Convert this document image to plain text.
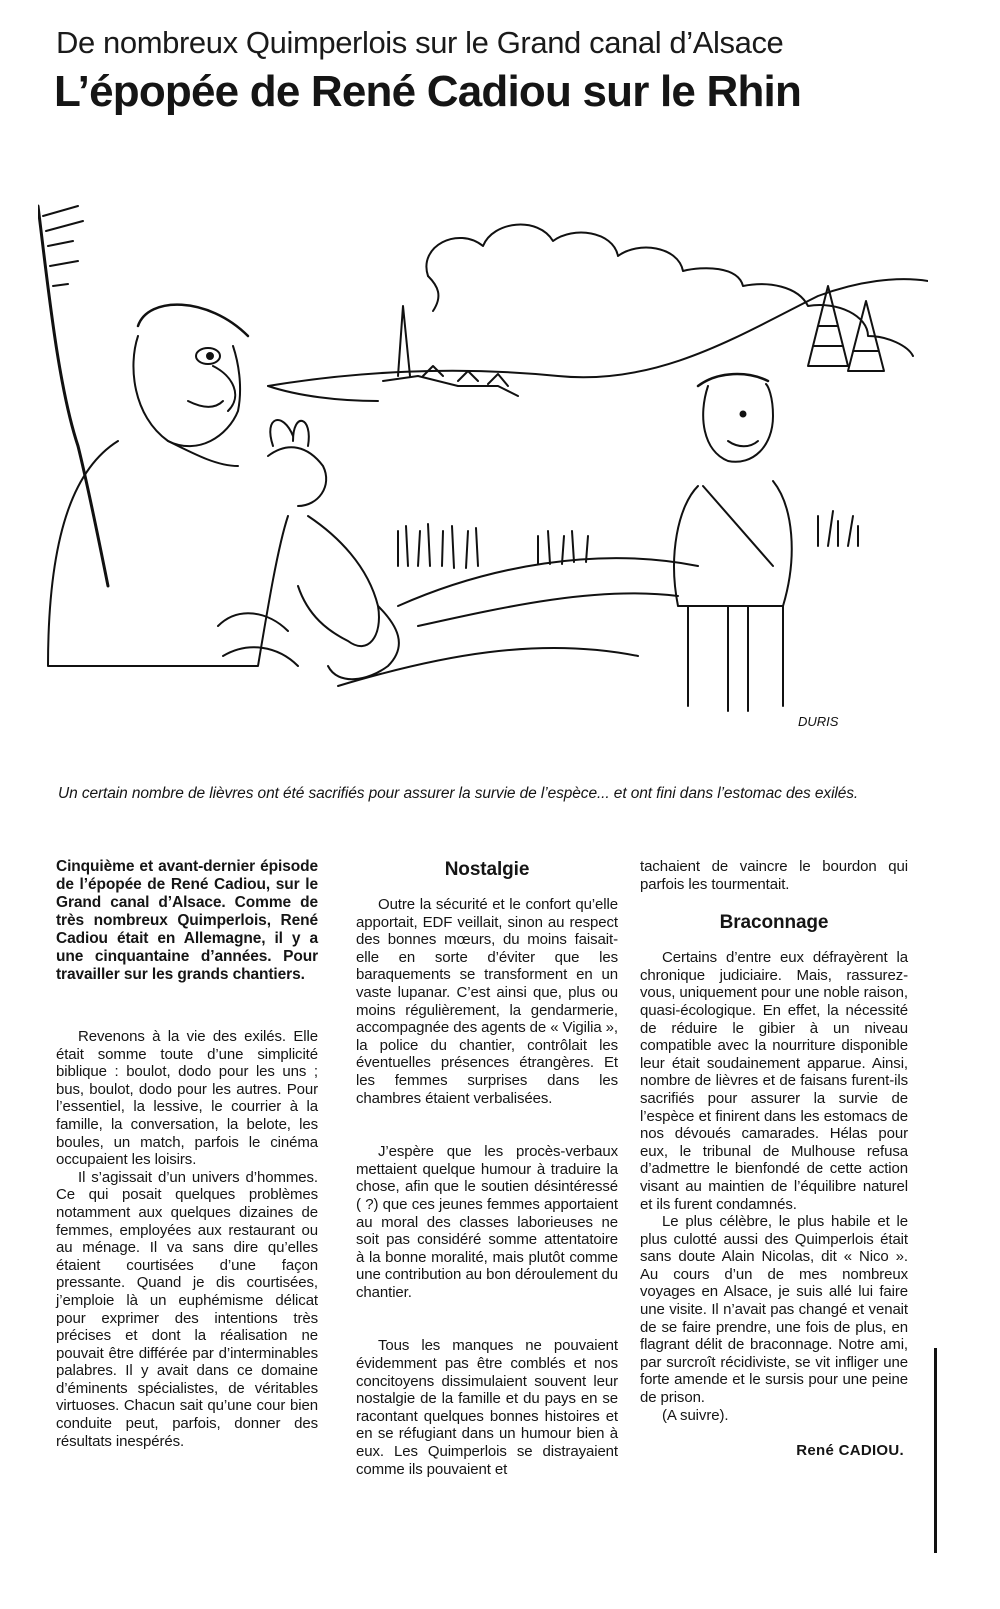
De nombreux Quimperlois sur le Grand canal d’Alsace
L’épopée de René Cadiou sur le Rhin
DURIS
Un certain nombre de lièvres ont été sacrifiés pour assurer la survie de l’espèce... et ont fini dans l’estomac des exilés.

Cinquième et avant-dernier épisode de l’épopée de René Cadiou, sur le Grand canal d’Alsace. Comme de très nombreux Quimperlois, René Cadiou était en Allemagne, il y a une cinquantaine d’années. Pour travailler sur les grands chantiers.

Revenons à la vie des exilés. Elle était somme toute d’une simplicité biblique : boulot, dodo pour les uns ; bus, boulot, dodo pour les autres. Pour l’essentiel, la lessive, le courrier à la famille, la conversation, la belote, les boules, un match, parfois le cinéma occupaient les loisirs.

Il s’agissait d’un univers d’hommes. Ce qui posait quelques problèmes notamment aux quelques dizaines de femmes, employées aux restaurant ou au ménage. Il va sans dire qu’elles étaient courtisées d’une façon pressante. Quand je dis courtisées, j’emploie là un euphémisme délicat pour exprimer des intentions très précises et dont la réalisation ne pouvait être différée par d’interminables palabres. Il y avait dans ce domaine d’éminents spécialistes, de véritables virtuoses. Chacun sait qu’une cour bien conduite peut, parfois, donner des résultats inespérés.

Nostalgie

Outre la sécurité et le confort qu’elle apportait, EDF veillait, sinon au respect des bonnes mœurs, du moins faisait-elle en sorte d’éviter que les baraquements se transforment en un vaste lupanar. C’est ainsi que, plus ou moins régulièrement, la gendarmerie, accompagnée des agents de « Vigilia », la police du chantier, contrôlait les éventuelles présences étrangères. Et les femmes surprises dans les chambres étaient verbalisées.

J’espère que les procès-verbaux mettaient quelque humour à traduire la chose, afin que le soutien désintéressé ( ?) que ces jeunes femmes apportaient au moral des classes laborieuses ne soit pas considéré somme attentatoire à la bonne moralité, mais plutôt comme une contribution au bon déroulement du chantier.

Tous les manques ne pouvaient évidemment pas être comblés et nos concitoyens dissimulaient souvent leur nostalgie de la famille et du pays en se racontant quelques bonnes histoires et en se réfugiant dans un humour bien à eux. Les Quimperlois se distrayaient comme ils pouvaient et

tachaient de vaincre le bourdon qui parfois les tourmentait.

Braconnage

Certains d’entre eux défrayèrent la chronique judiciaire. Mais, rassurez-vous, uniquement pour une noble raison, quasi-écologique. En effet, la nécessité de réduire le gibier à un niveau compatible avec la nourriture disponible leur était soudainement apparue. Ainsi, nombre de lièvres et de faisans furent-ils sacrifiés pour assurer la survie de l’espèce et finirent dans les estomacs de nos dévoués camarades. Hélas pour eux, le tribunal de Mulhouse refusa d’admettre le bienfondé de cette action visant au maintien de l’équilibre naturel et ils furent condamnés.

Le plus célèbre, le plus habile et le plus culotté aussi des Quimperlois était sans doute Alain Nicolas, dit « Nico ». Au cours d’un de mes nombreux voyages en Alsace, je suis allé lui faire une visite. Il n’avait pas changé et venait de se faire prendre, une fois de plus, en flagrant délit de braconnage. Notre ami, par surcroît récidiviste, se vit infliger une forte amende et le sursis pour une peine de prison.

(A suivre).

René CADIOU.
